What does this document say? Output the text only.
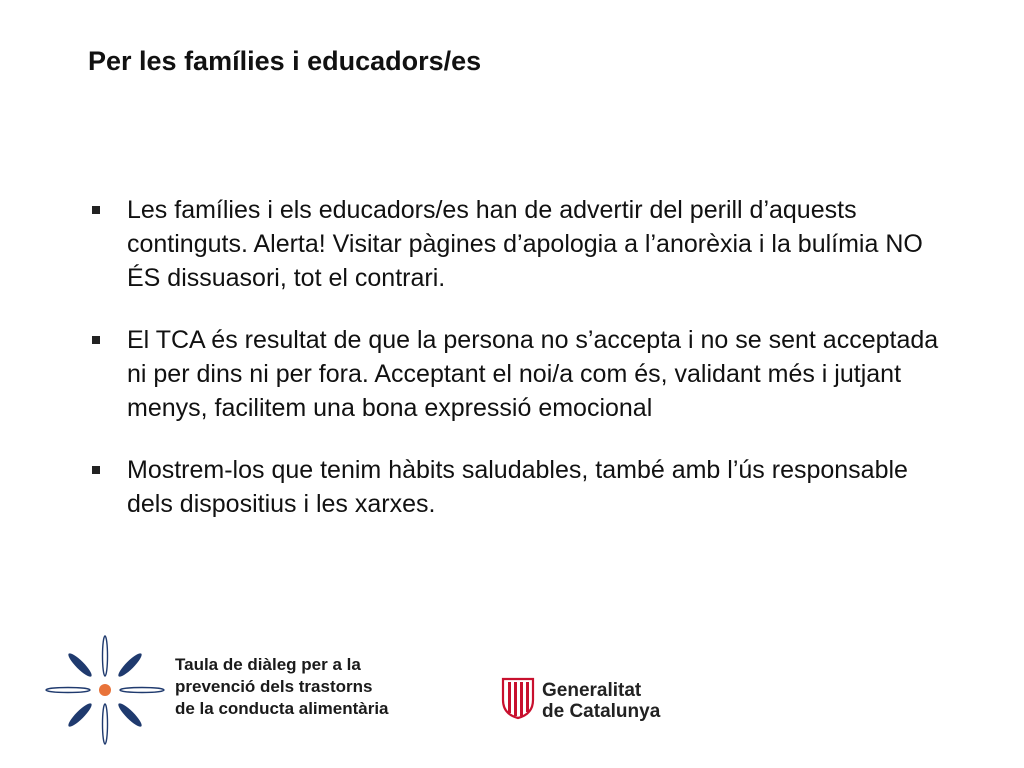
Per les famílies i educadors/es
Les famílies i els educadors/es han de advertir del perill d’aquests continguts. Alerta! Visitar pàgines d’apologia a l’anorèxia i la bulímia NO ÉS dissuasori, tot el contrari.
El TCA és resultat de que la persona no s’accepta i no se sent acceptada ni per dins ni per fora. Acceptant el noi/a com és, validant més i jutjant menys, facilitem una bona expressió emocional
Mostrem-los que tenim hàbits saludables, també amb l’ús responsable dels dispositius i les xarxes.
Taula de diàleg per a la
prevenció dels trastorns
de la conducta alimentària
Generalitat
de Catalunya
